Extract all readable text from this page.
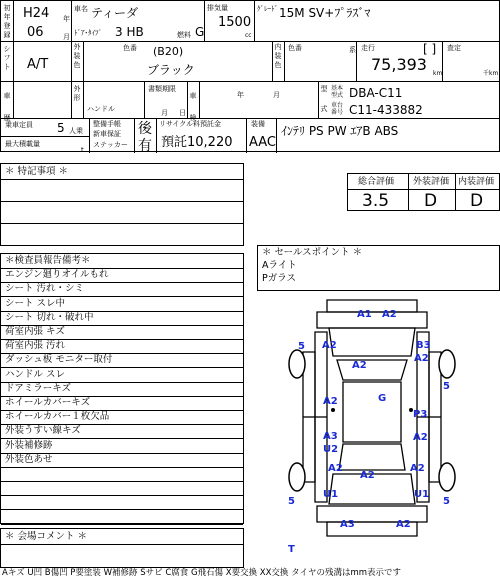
初年登録
H24 年
06	月
車名 ティーダ
ﾄﾞｱ･ﾀｲﾌﾟ 3 HB	燃料 G
排気量
1500
cc
ｸﾞﾚｰﾄﾞ 15M SV+ﾌﾟﾗｽﾞﾏ
シフト A/T
外装色
色番 (B20)
ブラック
内装色
色番	系 走行	[ ]
75,393 km
査定
千km
車歴
外形
ハンドル
書類期限
月 日
車検
年	月
型
式
基本型式 DBA-C11
車台番号 C11-433882
乗車定員 5 人乗
最大積載量
t
整備手帳
新車保証
ステッカー
後
有
リサイクル料預託金
預託10,220
装備
AAC
ｲﾝﾃﾘ PS PW ｴｱB ABS
＊ 特記事項 ＊
総合評価 外装評価 内装評価
3.5 D D
＊ セールスポイント ＊
Aライト
Pガラス
＊検査員報告備考＊
エンジン廻りオイルもれ
シート 汚れ・シミ
シート スレ中
シート 切れ・破れ中
荷室内張 キズ
荷室内張 汚れ
ダッシュ板 モニター取付
ハンドル スレ
ドアミラーキズ
ホイールカバーキズ
ホイールカバー１枚欠品
外装うすい線キズ
外装補修跡
外装色あせ
＊ 会場コメント ＊
A1 A2
A2
A2
B3
A2
G
A2
P3
A3
U2
A2
A2
A2
A2
U1	U1
A3	A2
T
5
5
5	5
Aキズ U凹 B傷凹 P要塗装 W補修跡 Sサビ C腐食 G飛石傷 X要交換 XX交換 タイヤの残溝はmm表示です
